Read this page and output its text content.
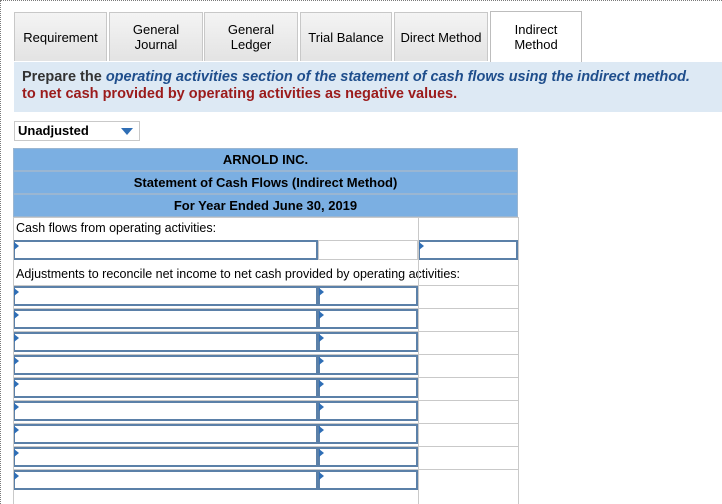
Requirement	General
Journal
General
Ledger	Trial Balance Direct Method	Indirect
Method
Prepare the operating activities section of the statement of cash flows using the indirect method.
to net cash provided by operating activities as negative values.
Unadjusted
ARNOLD INC.
Statement of Cash Flows (Indirect Method)
For Year Ended June 30, 2019
Cash flows from operating activities:
Adjustments to reconcile net income to net cash provided by operating activities:
